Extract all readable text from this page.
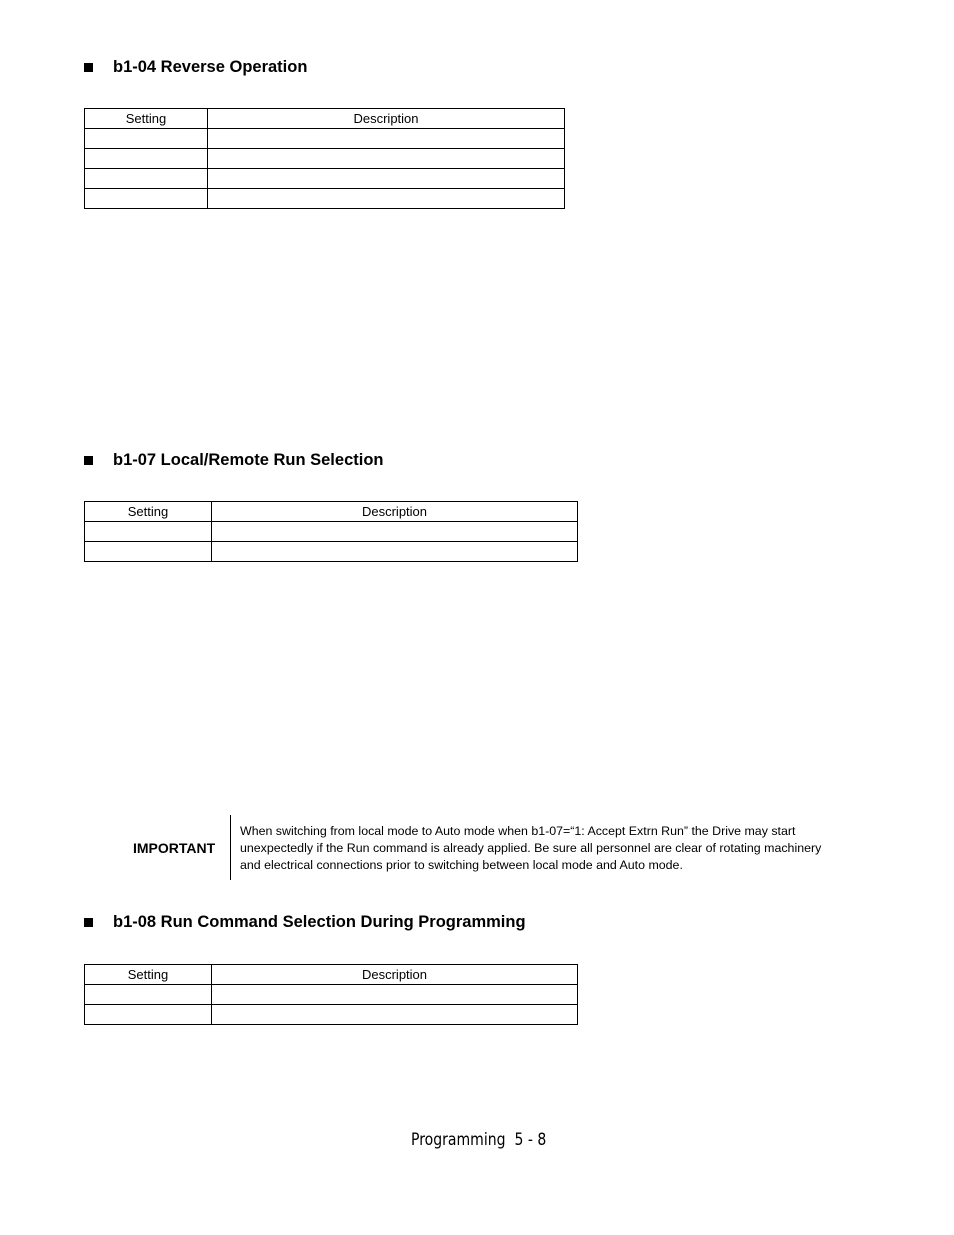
b1-04 Reverse Operation
Setting	Description

b1-07 Local/Remote Run Selection
Setting	Description

IMPORTANT
When switching from local mode to Auto mode when b1-07=“1: Accept Extrn Run” the Drive may start unexpectedly if the Run command is already applied. Be sure all personnel are clear of rotating machinery and electrical connections prior to switching between local mode and Auto mode.
b1-08 Run Command Selection During Programming
Setting	Description

Programming  5 - 8
